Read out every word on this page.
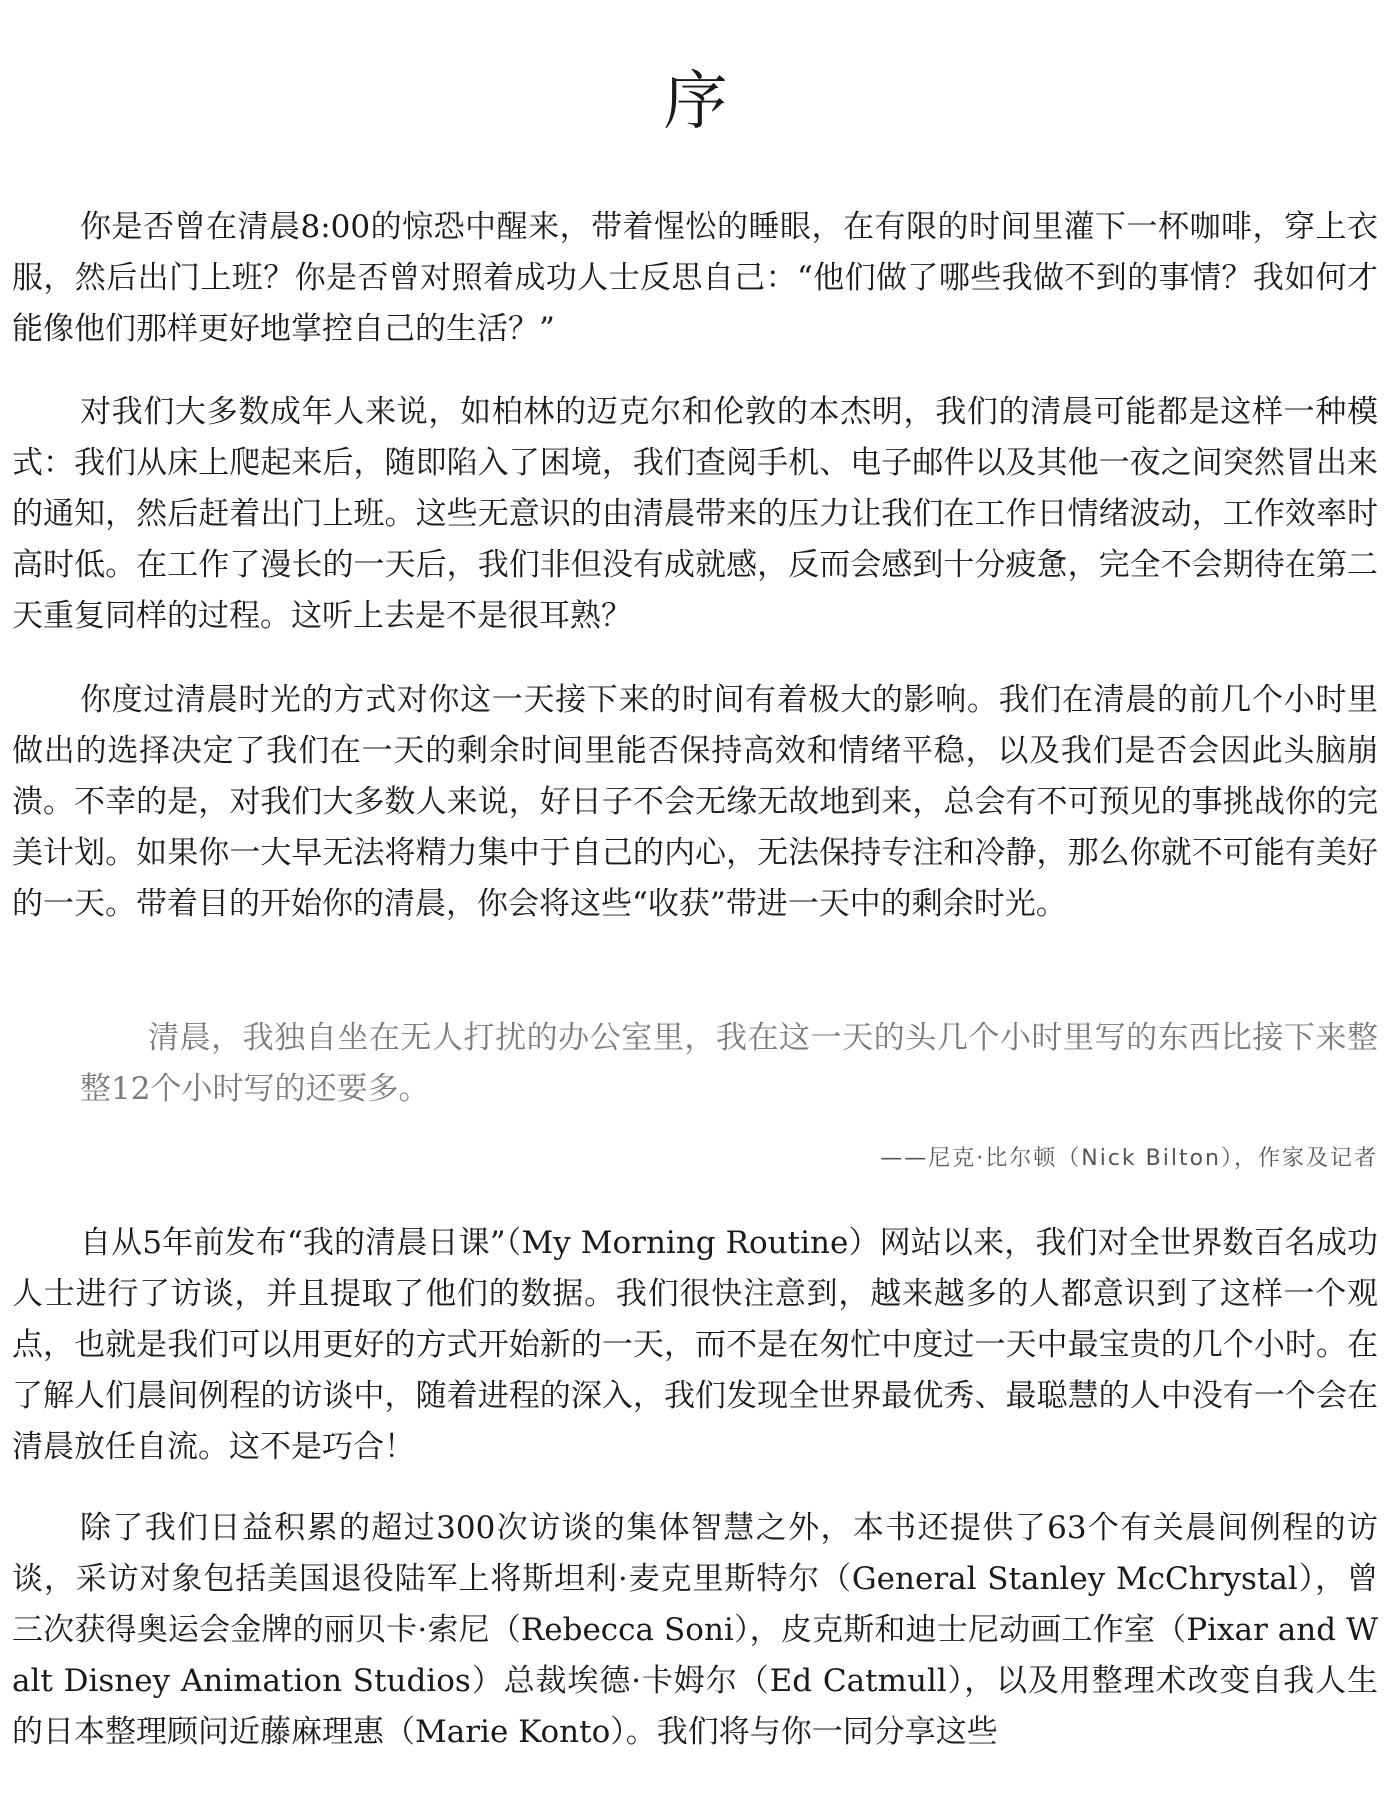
序

你是否曾在清晨8:00的惊恐中醒来，带着惺忪的睡眼，在有限的时间里灌下一杯咖啡，穿上衣服，然后出门上班？你是否曾对照着成功人士反思自己：“他们做了哪些我做不到的事情？我如何才能像他们那样更好地掌控自己的生活？”

对我们大多数成年人来说，如柏林的迈克尔和伦敦的本杰明，我们的清晨可能都是这样一种模式：我们从床上爬起来后，随即陷入了困境，我们查阅手机、电子邮件以及其他一夜之间突然冒出来的通知，然后赶着出门上班。这些无意识的由清晨带来的压力让我们在工作日情绪波动，工作效率时高时低。在工作了漫长的一天后，我们非但没有成就感，反而会感到十分疲惫，完全不会期待在第二天重复同样的过程。这听上去是不是很耳熟？

你度过清晨时光的方式对你这一天接下来的时间有着极大的影响。我们在清晨的前几个小时里做出的选择决定了我们在一天的剩余时间里能否保持高效和情绪平稳，以及我们是否会因此头脑崩溃。不幸的是，对我们大多数人来说，好日子不会无缘无故地到来，总会有不可预见的事挑战你的完美计划。如果你一大早无法将精力集中于自己的内心，无法保持专注和冷静，那么你就不可能有美好的一天。带着目的开始你的清晨，你会将这些“收获”带进一天中的剩余时光。

清晨，我独自坐在无人打扰的办公室里，我在这一天的头几个小时里写的东西比接下来整整12个小时写的还要多。

——尼克·比尔顿（Nick Bilton），作家及记者

自从5年前发布“我的清晨日课”（My Morning Routine）网站以来，我们对全世界数百名成功人士进行了访谈，并且提取了他们的数据。我们很快注意到，越来越多的人都意识到了这样一个观点，也就是我们可以用更好的方式开始新的一天，而不是在匆忙中度过一天中最宝贵的几个小时。在了解人们晨间例程的访谈中，随着进程的深入，我们发现全世界最优秀、最聪慧的人中没有一个会在清晨放任自流。这不是巧合！

除了我们日益积累的超过300次访谈的集体智慧之外，本书还提供了63个有关晨间例程的访谈，采访对象包括美国退役陆军上将斯坦利·麦克里斯特尔（General Stanley McChrystal），曾三次获得奥运会金牌的丽贝卡·索尼（Rebecca Soni），皮克斯和迪士尼动画工作室（Pixar and Walt Disney Animation Studios）总裁埃德·卡姆尔（Ed Catmull），以及用整理术改变自我人生的日本整理顾问近藤麻理惠（Marie Konto）。我们将与你一同分享这些
